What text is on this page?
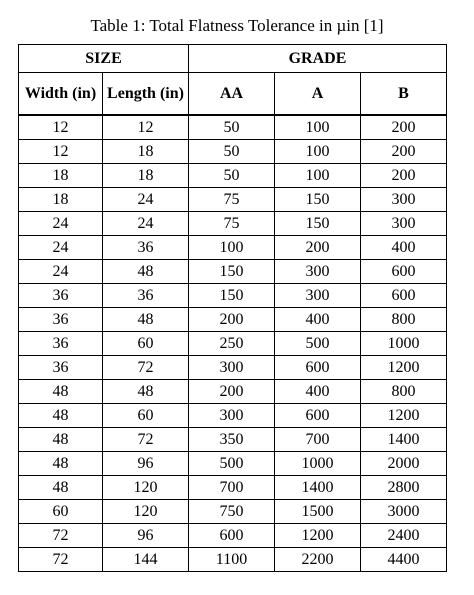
Table 1: Total Flatness Tolerance in µin [1]
SIZE		GRADE		
Width (in)	Length (in)	AA	A	B
12	12	50	100	200
12	18	50	100	200
18	18	50	100	200
18	24	75	150	300
24	24	75	150	300
24	36	100	200	400
24	48	150	300	600
36	36	150	300	600
36	48	200	400	800
36	60	250	500	1000
36	72	300	600	1200
48	48	200	400	800
48	60	300	600	1200
48	72	350	700	1400
48	96	500	1000	2000
48	120	700	1400	2800
60	120	750	1500	3000
72	96	600	1200	2400
72	144	1100	2200	4400
